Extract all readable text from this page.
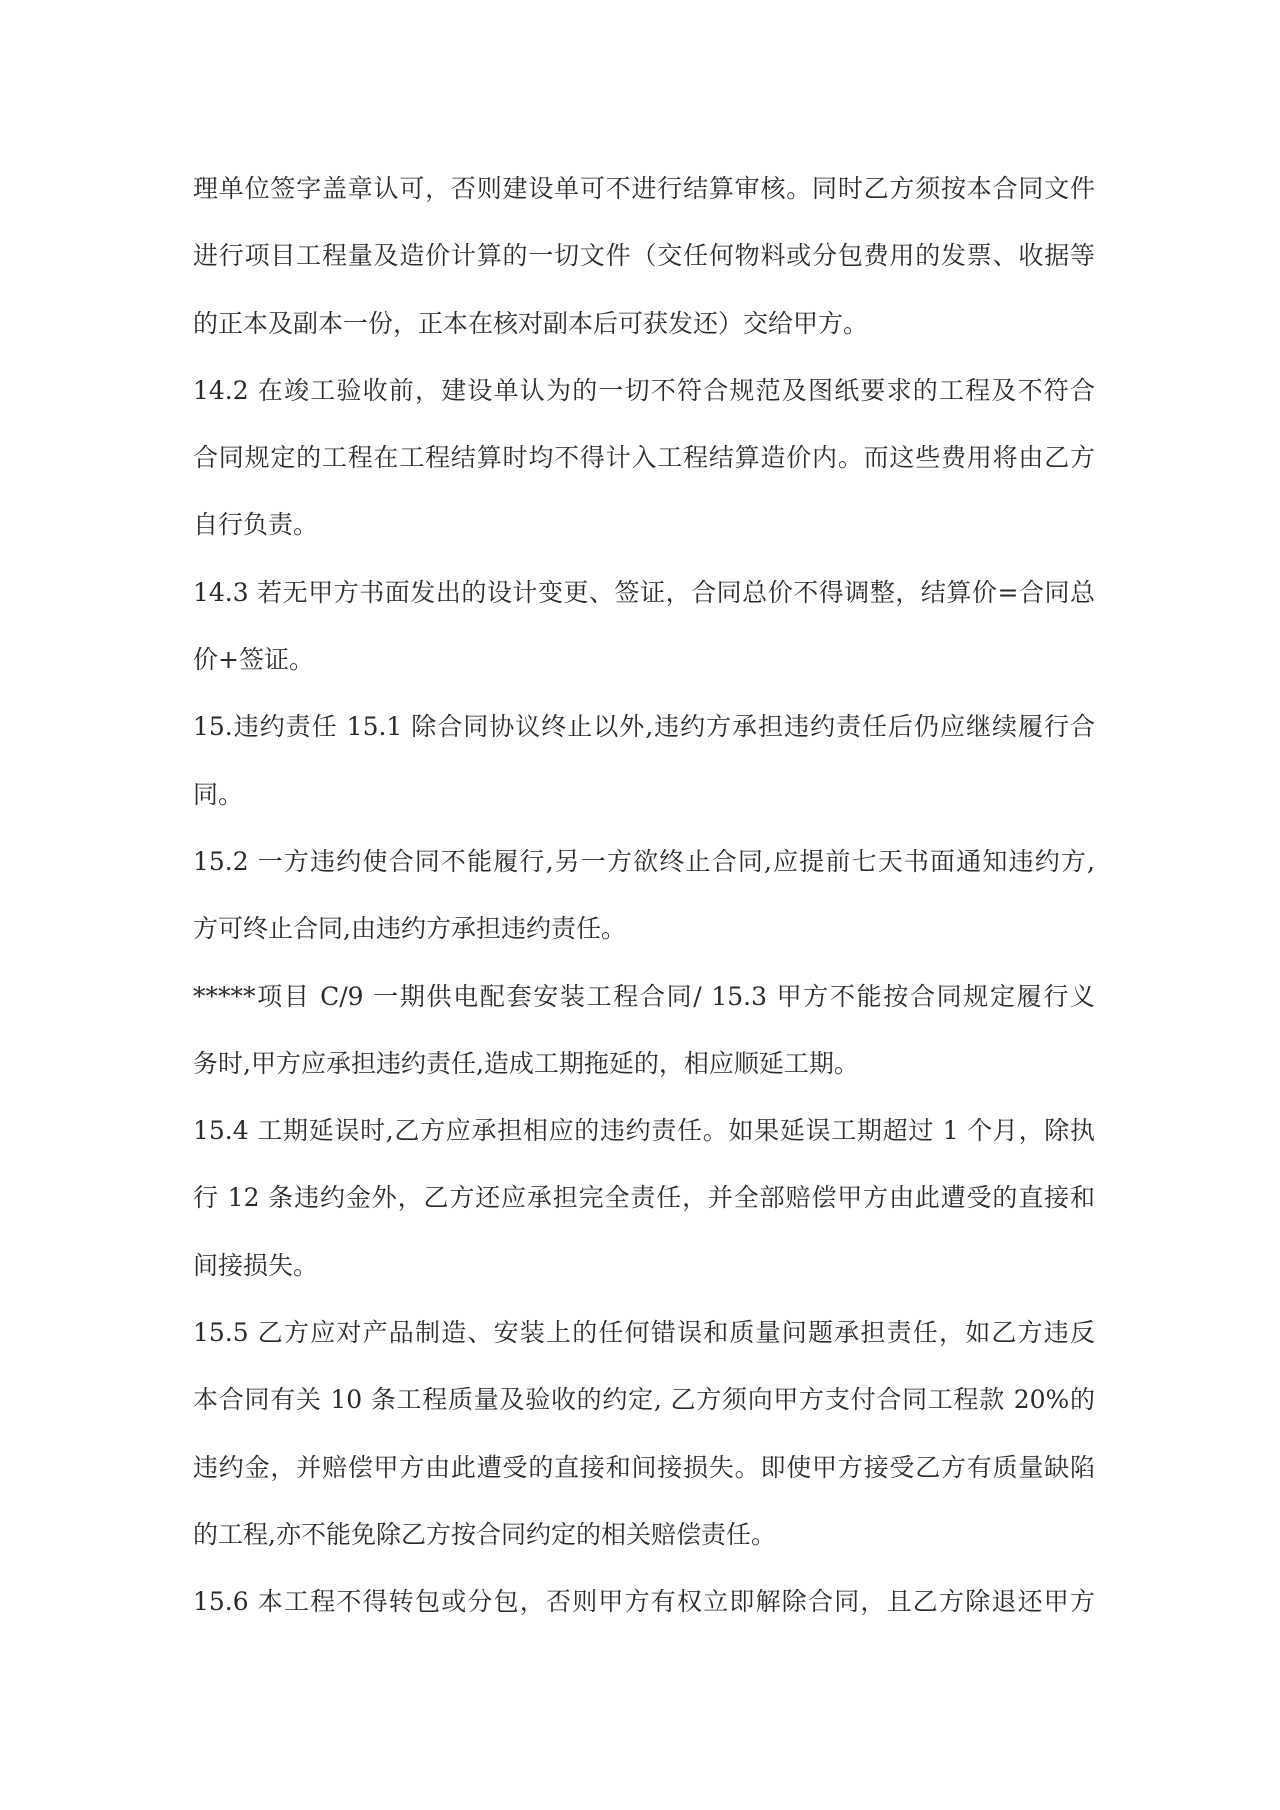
理单位签字盖章认可，否则建设单可不进行结算审核。同时乙方须按本合同文件
进行项目工程量及造价计算的一切文件（交任何物料或分包费用的发票、收据等
的正本及副本一份，正本在核对副本后可获发还）交给甲方。
14.2 在竣工验收前，建设单认为的一切不符合规范及图纸要求的工程及不符合
合同规定的工程在工程结算时均不得计入工程结算造价内。而这些费用将由乙方
自行负责。
14.3 若无甲方书面发出的设计变更、签证，合同总价不得调整，结算价=合同总
价+签证。
15.违约责任 15.1 除合同协议终止以外,违约方承担违约责任后仍应继续履行合
同。
15.2 一方违约使合同不能履行,另一方欲终止合同,应提前七天书面通知违约方,
方可终止合同,由违约方承担违约责任。
*****项目 C/9 一期供电配套安装工程合同/ 15.3 甲方不能按合同规定履行义
务时,甲方应承担违约责任,造成工期拖延的，相应顺延工期。
15.4 工期延误时,乙方应承担相应的违约责任。如果延误工期超过 1 个月，除执
行 12 条违约金外，乙方还应承担完全责任，并全部赔偿甲方由此遭受的直接和
间接损失。
15.5 乙方应对产品制造、安装上的任何错误和质量问题承担责任，如乙方违反
本合同有关 10 条工程质量及验收的约定, 乙方须向甲方支付合同工程款 20%的
违约金，并赔偿甲方由此遭受的直接和间接损失。即使甲方接受乙方有质量缺陷
的工程,亦不能免除乙方按合同约定的相关赔偿责任。
15.6 本工程不得转包或分包，否则甲方有权立即解除合同，且乙方除退还甲方
